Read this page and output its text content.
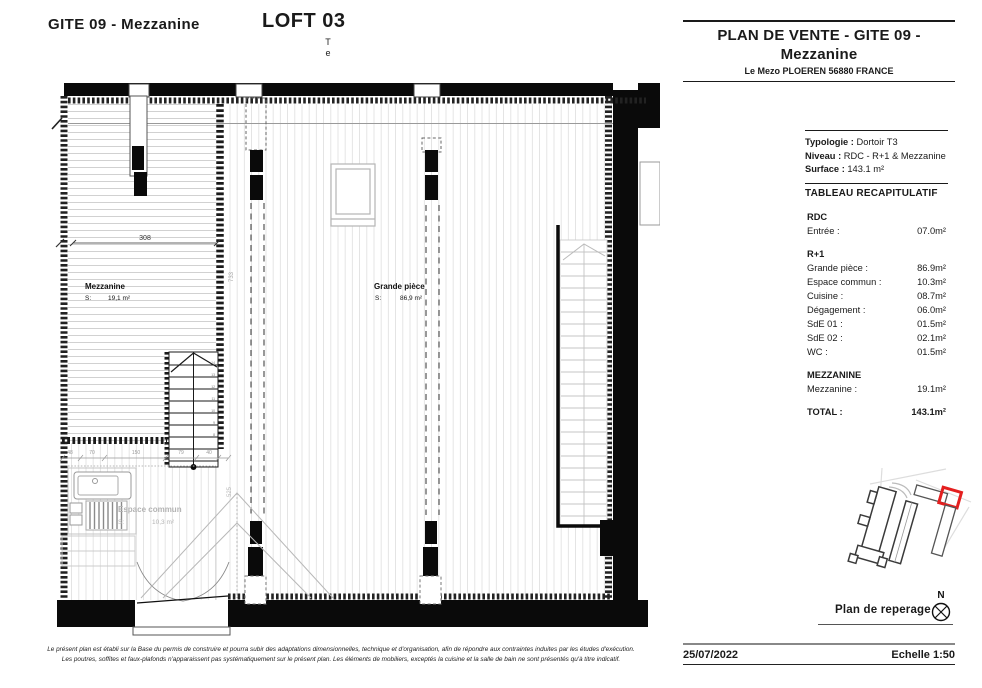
GITE 09 - Mezzanine	LOFT 03
T
e
14
13
12
11
10
9
8
308
48	70	150	79	40
733
525
Mezzanine
S:	19,1 m²
Grande pièce
S:	86,9 m²
Espace commun
S:	10,3 m²
PLAN DE VENTE - GITE 09 -
Mezzanine
Le Mezo PLOEREN 56880 FRANCE
Typologie : Dortoir T3
Niveau : RDC - R+1 & Mezzanine
Surface : 143.1 m²
TABLEAU RECAPITULATIF
RDC
Entrée :	07.0m²
R+1
Grande pièce :	86.9m²
Espace commun :	10.3m²
Cuisine :	08.7m²
Dégagement :	06.0m²
SdE 01 :	01.5m²
SdE 02 :	02.1m²
WC :	01.5m²
MEZZANINE
Mezzanine :	19.1m²
TOTAL :	143.1m²
Plan de reperage
N
25/07/2022	Echelle 1:50
Le présent plan est établi sur la Base du permis de construire et pourra subir des adaptations dimensionnelles, technique et d'organisation, afin de répondre aux contraintes induites par les études d'exécution.
Les poutres, soffites et faux-plafonds n'apparaissent pas systématiquement sur le présent plan. Les éléments de mobiliers, exceptés la cuisine et la salle de bain ne sont présentés qu'à titre indicatif.
